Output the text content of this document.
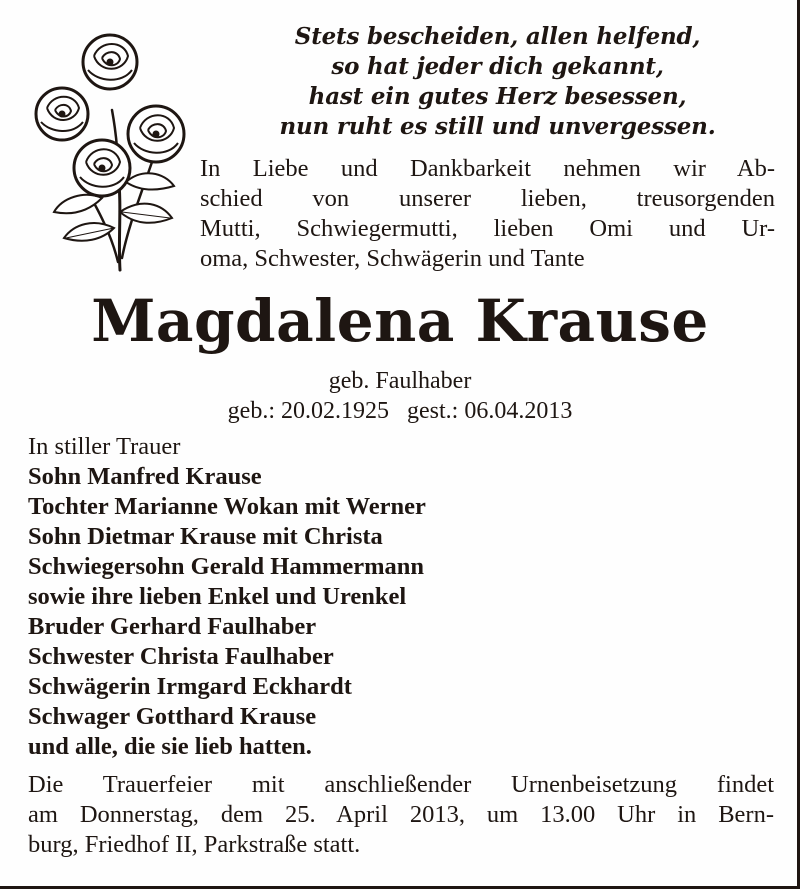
Stets bescheiden, allen helfend,
so hat jeder dich gekannt,
hast ein gutes Herz besessen,
nun ruht es still und unvergessen.
In Liebe und Dankbarkeit nehmen wir Ab-
schied von unserer lieben, treusorgenden
Mutti, Schwiegermutti, lieben Omi und Ur-
oma, Schwester, Schwägerin und Tante
Magdalena Krause
geb. Faulhaber
geb.: 20.02.1925 gest.: 06.04.2013
In stiller Trauer
Sohn Manfred Krause
Tochter Marianne Wokan mit Werner
Sohn Dietmar Krause mit Christa
Schwiegersohn Gerald Hammermann
sowie ihre lieben Enkel und Urenkel
Bruder Gerhard Faulhaber
Schwester Christa Faulhaber
Schwägerin Irmgard Eckhardt
Schwager Gotthard Krause
und alle, die sie lieb hatten.
Die Trauerfeier mit anschließender Urnenbeisetzung findet
am Donnerstag, dem 25. April 2013, um 13.00 Uhr in Bern-
burg, Friedhof II, Parkstraße statt.
